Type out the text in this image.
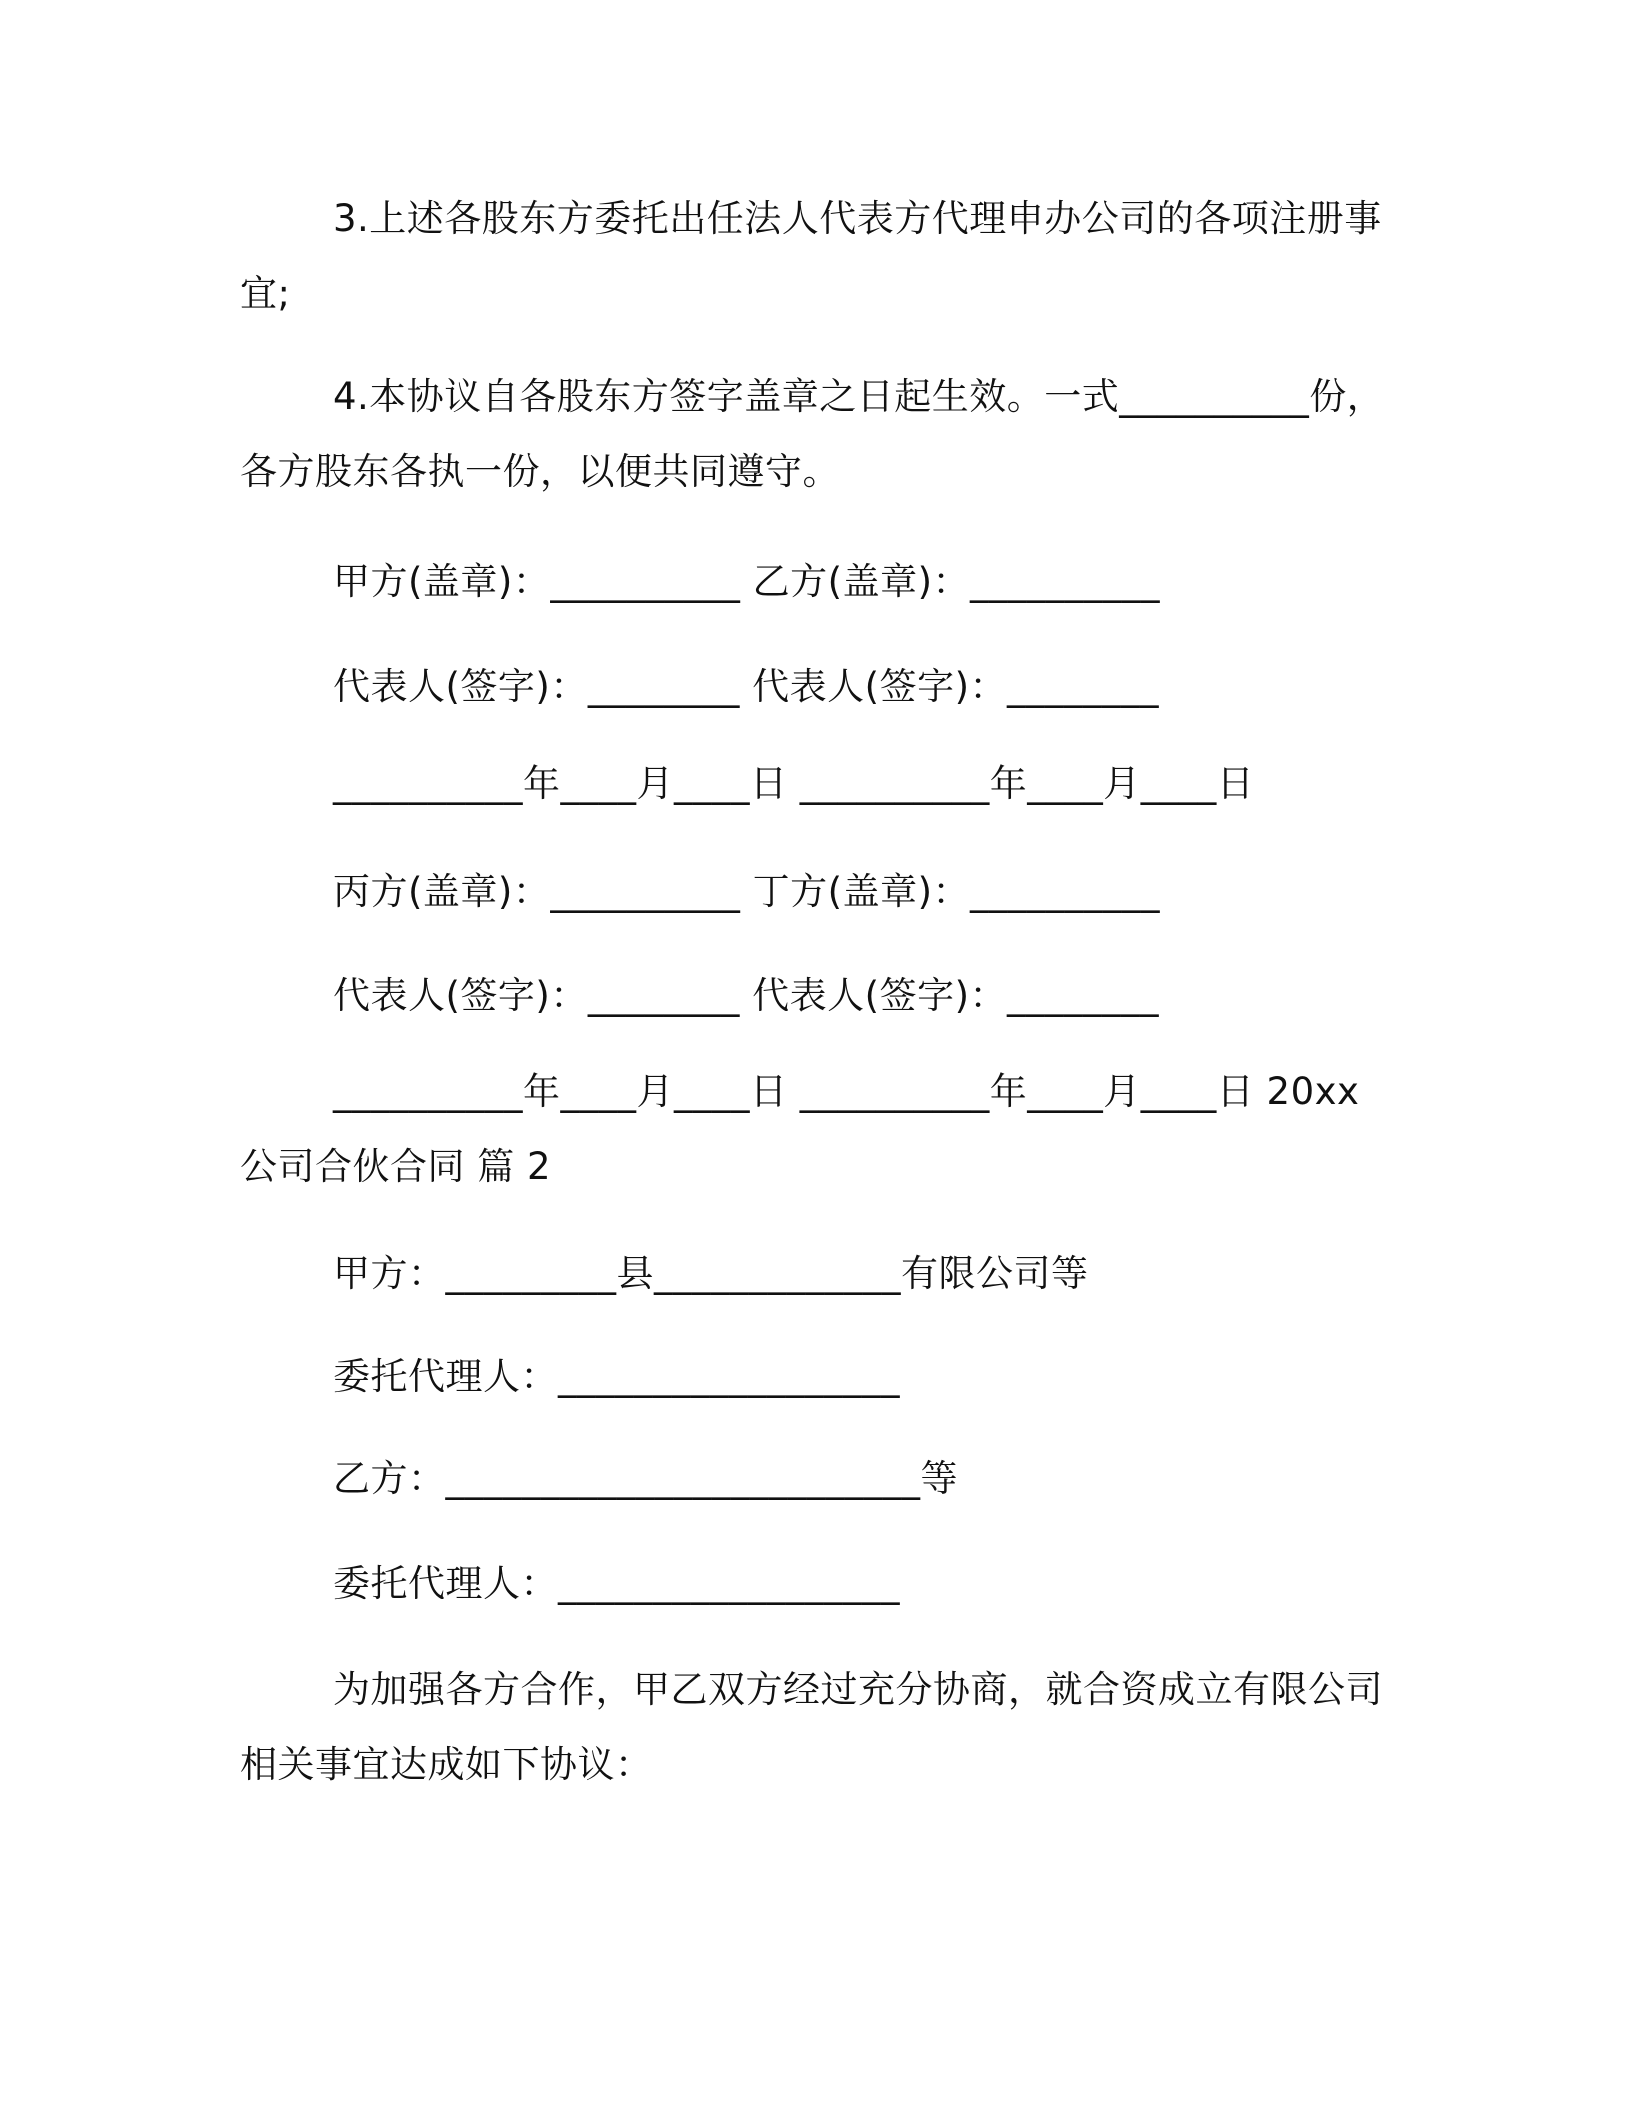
3.上述各股东方委托出任法人代表方代理申办公司的各项注册事

宜;

4.本协议自各股东方签字盖章之日起生效。一式__________份，

各方股东各执一份，以便共同遵守。

甲方(盖章)：__________ 乙方(盖章)：__________

代表人(签字)：________ 代表人(签字)：________

__________年____月____日 __________年____月____日

丙方(盖章)：__________ 丁方(盖章)：__________

代表人(签字)：________ 代表人(签字)：________

__________年____月____日 __________年____月____日 20xx

公司合伙合同 篇 2

甲方：_________县_____________有限公司等

委托代理人：__________________

乙方：_________________________等

委托代理人：__________________

为加强各方合作，甲乙双方经过充分协商，就合资成立有限公司

相关事宜达成如下协议：
